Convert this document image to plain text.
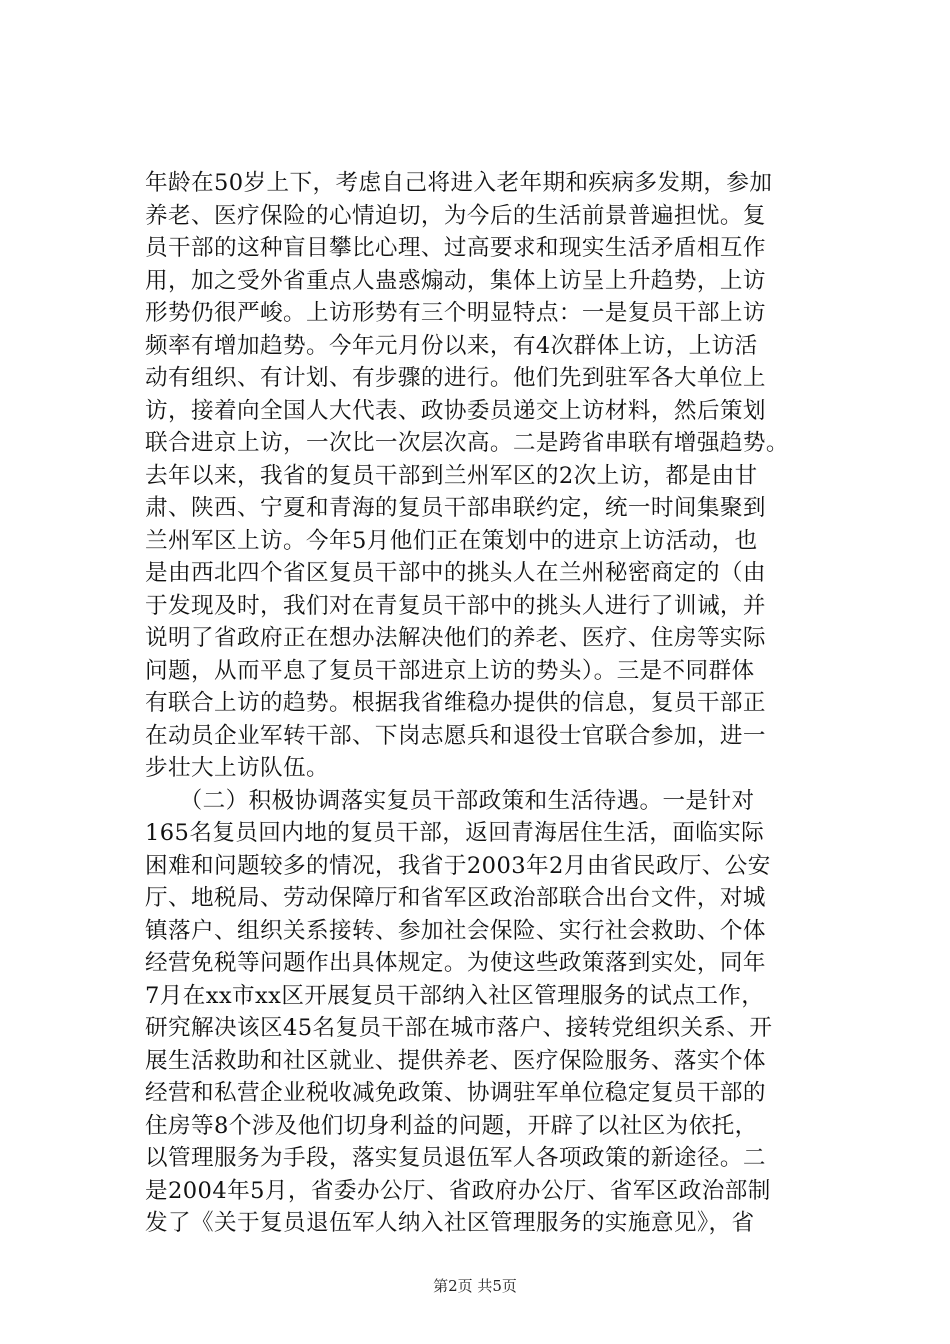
年龄在50岁上下，考虑自己将进入老年期和疾病多发期，参加
养老、医疗保险的心情迫切，为今后的生活前景普遍担忧。复
员干部的这种盲目攀比心理、过高要求和现实生活矛盾相互作
用，加之受外省重点人蛊惑煽动，集体上访呈上升趋势，上访
形势仍很严峻。上访形势有三个明显特点：一是复员干部上访
频率有增加趋势。今年元月份以来，有4次群体上访，上访活
动有组织、有计划、有步骤的进行。他们先到驻军各大单位上
访，接着向全国人大代表、政协委员递交上访材料，然后策划
联合进京上访，一次比一次层次高。二是跨省串联有增强趋势。
去年以来，我省的复员干部到兰州军区的2次上访，都是由甘
肃、陕西、宁夏和青海的复员干部串联约定，统一时间集聚到
兰州军区上访。今年5月他们正在策划中的进京上访活动，也
是由西北四个省区复员干部中的挑头人在兰州秘密商定的（由
于发现及时，我们对在青复员干部中的挑头人进行了训诫，并
说明了省政府正在想办法解决他们的养老、医疗、住房等实际
问题，从而平息了复员干部进京上访的势头）。三是不同群体
有联合上访的趋势。根据我省维稳办提供的信息，复员干部正
在动员企业军转干部、下岗志愿兵和退役士官联合参加，进一
步壮大上访队伍。
　　（二）积极协调落实复员干部政策和生活待遇。一是针对
165名复员回内地的复员干部，返回青海居住生活，面临实际
困难和问题较多的情况，我省于2003年2月由省民政厅、公安
厅、地税局、劳动保障厅和省军区政治部联合出台文件，对城
镇落户、组织关系接转、参加社会保险、实行社会救助、个体
经营免税等问题作出具体规定。为使这些政策落到实处，同年
7月在xx市xx区开展复员干部纳入社区管理服务的试点工作，
研究解决该区45名复员干部在城市落户、接转党组织关系、开
展生活救助和社区就业、提供养老、医疗保险服务、落实个体
经营和私营企业税收减免政策、协调驻军单位稳定复员干部的
住房等8个涉及他们切身利益的问题，开辟了以社区为依托，
以管理服务为手段，落实复员退伍军人各项政策的新途径。二
是2004年5月，省委办公厅、省政府办公厅、省军区政治部制
发了《关于复员退伍军人纳入社区管理服务的实施意见》，省
第2页 共5页
